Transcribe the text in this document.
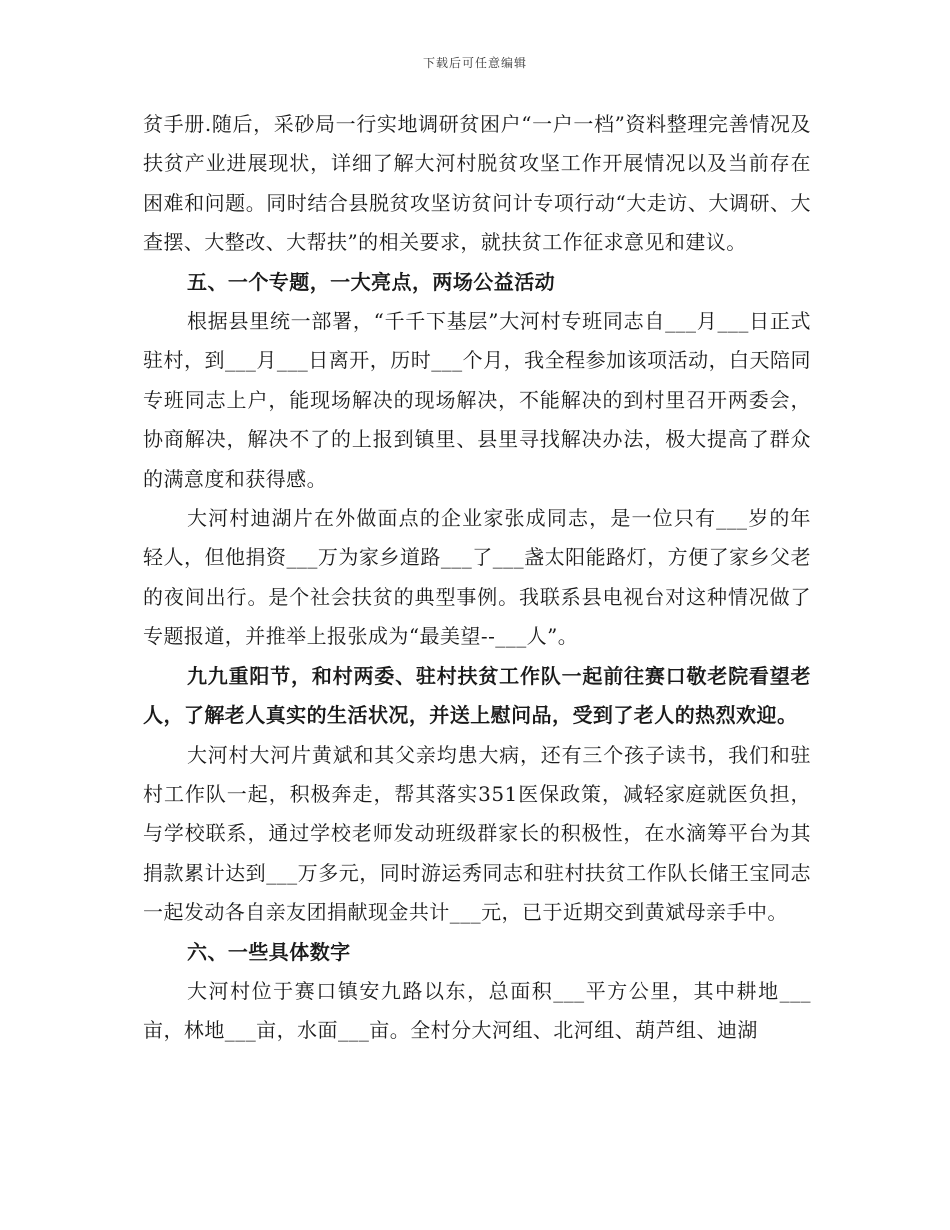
下载后可任意编辑

贫手册.随后，采砂局一行实地调研贫困户“一户一档”资料整理完善情况及扶贫产业进展现状，详细了解大河村脱贫攻坚工作开展情况以及当前存在困难和问题。同时结合县脱贫攻坚访贫问计专项行动“大走访、大调研、大查摆、大整改、大帮扶”的相关要求，就扶贫工作征求意见和建议。

五、一个专题，一大亮点，两场公益活动

根据县里统一部署，“千千下基层”大河村专班同志自___月___日正式驻村，到___月___日离开，历时___个月，我全程参加该项活动，白天陪同专班同志上户，能现场解决的现场解决，不能解决的到村里召开两委会，协商解决，解决不了的上报到镇里、县里寻找解决办法，极大提高了群众的满意度和获得感。

大河村迪湖片在外做面点的企业家张成同志，是一位只有___岁的年轻人，但他捐资___万为家乡道路___了___盏太阳能路灯，方便了家乡父老的夜间出行。是个社会扶贫的典型事例。我联系县电视台对这种情况做了专题报道，并推举上报张成为“最美望--___人”。

九九重阳节，和村两委、驻村扶贫工作队一起前往赛口敬老院看望老人，了解老人真实的生活状况，并送上慰问品，受到了老人的热烈欢迎。

大河村大河片黄斌和其父亲均患大病，还有三个孩子读书，我们和驻村工作队一起，积极奔走，帮其落实351医保政策，减轻家庭就医负担，与学校联系，通过学校老师发动班级群家长的积极性，在水滴筹平台为其捐款累计达到___万多元，同时游运秀同志和驻村扶贫工作队长储王宝同志一起发动各自亲友团捐献现金共计___元，已于近期交到黄斌母亲手中。

六、一些具体数字

大河村位于赛口镇安九路以东，总面积___平方公里，其中耕地___亩，林地___亩，水面___亩。全村分大河组、北河组、葫芦组、迪湖
